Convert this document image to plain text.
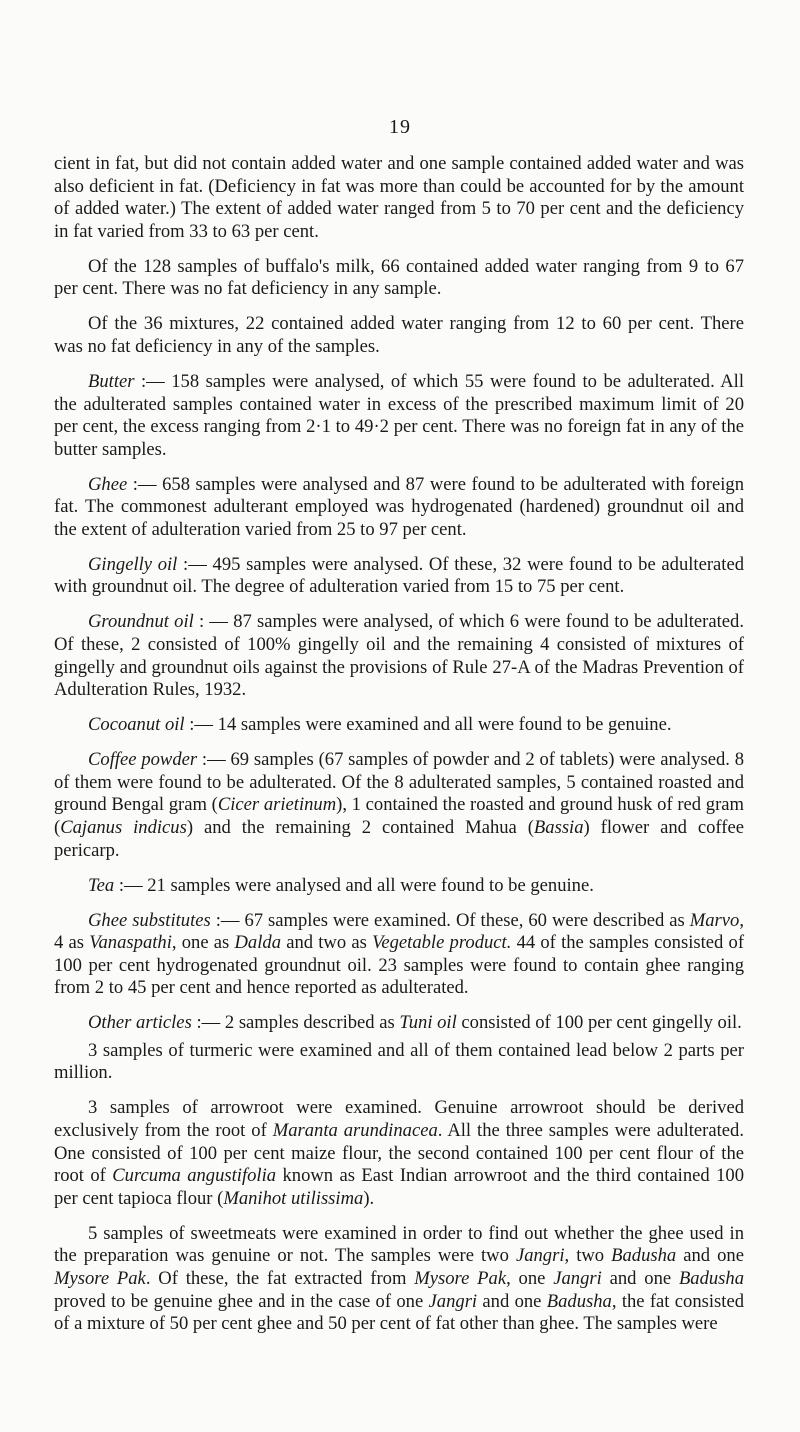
19

cient in fat, but did not contain added water and one sample contained added water and was also deficient in fat. (Deficiency in fat was more than could be accounted for by the amount of added water.) The extent of added water ranged from 5 to 70 per cent and the deficiency in fat varied from 33 to 63 per cent.

Of the 128 samples of buffalo's milk, 66 contained added water ranging from 9 to 67 per cent. There was no fat deficiency in any sample.

Of the 36 mixtures, 22 contained added water ranging from 12 to 60 per cent. There was no fat deficiency in any of the samples.

Butter :— 158 samples were analysed, of which 55 were found to be adulterated. All the adulterated samples contained water in excess of the prescribed maximum limit of 20 per cent, the excess ranging from 2·1 to 49·2 per cent. There was no foreign fat in any of the butter samples.

Ghee :— 658 samples were analysed and 87 were found to be adulterated with foreign fat. The commonest adulterant employed was hydrogenated (hardened) groundnut oil and the extent of adulteration varied from 25 to 97 per cent.

Gingelly oil :— 495 samples were analysed. Of these, 32 were found to be adulterated with groundnut oil. The degree of adulteration varied from 15 to 75 per cent.

Groundnut oil : — 87 samples were analysed, of which 6 were found to be adulterated. Of these, 2 consisted of 100% gingelly oil and the remaining 4 consisted of mixtures of gingelly and groundnut oils against the provisions of Rule 27-A of the Madras Prevention of Adulteration Rules, 1932.

Cocoanut oil :— 14 samples were examined and all were found to be genuine.

Coffee powder :— 69 samples (67 samples of powder and 2 of tablets) were analysed. 8 of them were found to be adulterated. Of the 8 adulterated samples, 5 contained roasted and ground Bengal gram (Cicer arietinum), 1 contained the roasted and ground husk of red gram (Cajanus indicus) and the remaining 2 contained Mahua (Bassia) flower and coffee pericarp.

Tea :— 21 samples were analysed and all were found to be genuine.

Ghee substitutes :— 67 samples were examined. Of these, 60 were described as Marvo, 4 as Vanaspathi, one as Dalda and two as Vegetable product. 44 of the samples consisted of 100 per cent hydrogenated groundnut oil. 23 samples were found to contain ghee ranging from 2 to 45 per cent and hence reported as adulterated.

Other articles :— 2 samples described as Tuni oil consisted of 100 per cent gingelly oil.

3 samples of turmeric were examined and all of them contained lead below 2 parts per million.

3 samples of arrowroot were examined. Genuine arrowroot should be derived exclusively from the root of Maranta arundinacea. All the three samples were adulterated. One consisted of 100 per cent maize flour, the second contained 100 per cent flour of the root of Curcuma angustifolia known as East Indian arrowroot and the third contained 100 per cent tapioca flour (Manihot utilissima).

5 samples of sweetmeats were examined in order to find out whether the ghee used in the preparation was genuine or not. The samples were two Jangri, two Badusha and one Mysore Pak. Of these, the fat extracted from Mysore Pak, one Jangri and one Badusha proved to be genuine ghee and in the case of one Jangri and one Badusha, the fat consisted of a mixture of 50 per cent ghee and 50 per cent of fat other than ghee. The samples were
